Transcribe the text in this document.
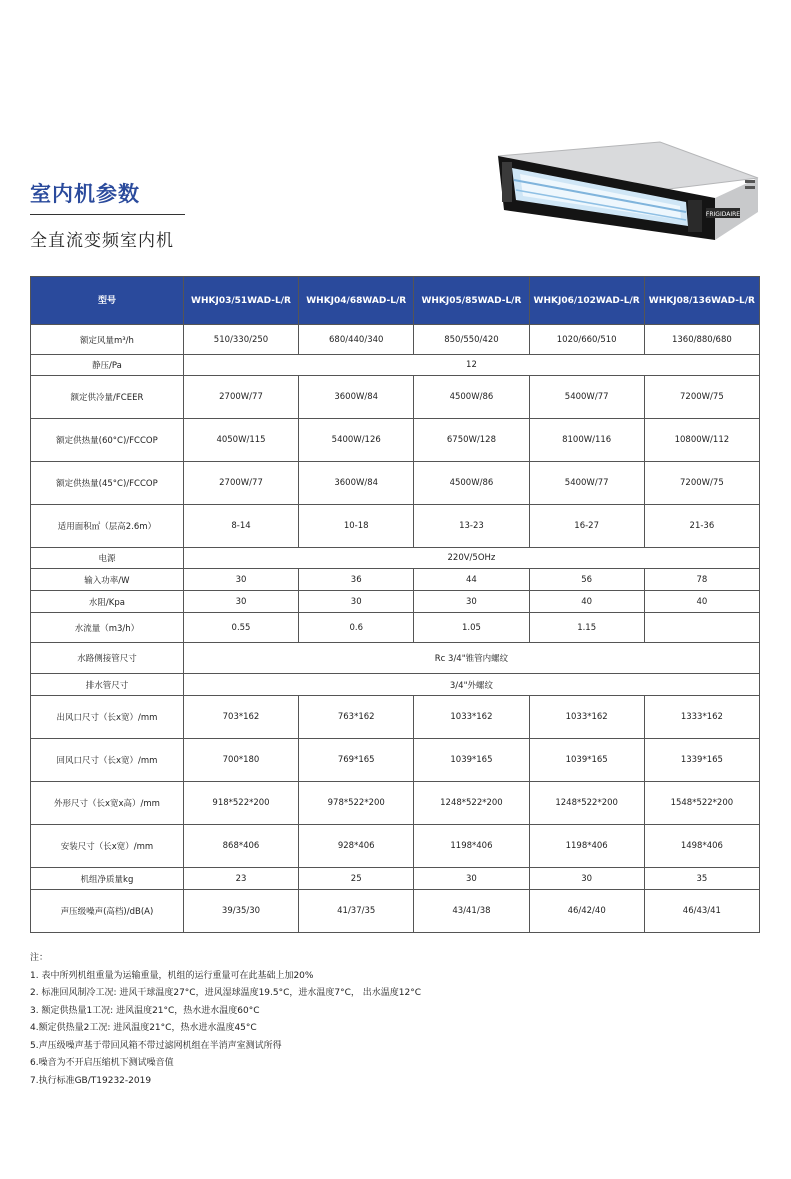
室内机参数
全直流变频室内机
FRIGIDAIRE
型号	WHKJ03/51WAD-L/R	WHKJ04/68WAD-L/R	WHKJ05/85WAD-L/R	WHKJ06/102WAD-L/R	WHKJ08/136WAD-L/R
额定风量m³/h	510/330/250	680/440/340	850/550/420	1020/660/510	1360/880/680
静压/Pa	12				
额定供冷量/FCEER	2700W/77	3600W/84	4500W/86	5400W/77	7200W/75
额定供热量(60°C)/FCCOP	4050W/115	5400W/126	6750W/128	8100W/116	10800W/112
额定供热量(45°C)/FCCOP	2700W/77	3600W/84	4500W/86	5400W/77	7200W/75
适用面积㎡（层高2.6m）	8-14	10-18	13-23	16-27	21-36
电源	220V/5OHz				
输入功率/W	30	36	44	56	78
水阻/Kpa	30	30	30	40	40
水流量（m3/h）	0.55	0.6	1.05	1.15	
水路侧接管尺寸	Rc 3/4"锥管内螺纹				
排水管尺寸	3/4"外螺纹				
出风口尺寸（长x宽）/mm	703*162	763*162	1033*162	1033*162	1333*162
回风口尺寸（长x宽）/mm	700*180	769*165	1039*165	1039*165	1339*165
外形尺寸（长x宽x高）/mm	918*522*200	978*522*200	1248*522*200	1248*522*200	1548*522*200
安装尺寸（长x宽）/mm	868*406	928*406	1198*406	1198*406	1498*406
机组净质量kg	23	25	30	30	35
声压级噪声(高档)/dB(A)	39/35/30	41/37/35	43/41/38	46/42/40	46/43/41
注：
1. 表中所列机组重量为运输重量，机组的运行重量可在此基础上加20%
2. 标准回风制冷工况: 进风干球温度27°C，进风湿球温度19.5°C，进水温度7°C， 出水温度12°C
3. 额定供热量1工况: 进风温度21°C，热水进水温度60°C
4.额定供热量2工况: 进风温度21°C，热水进水温度45°C
5.声压级噪声基于带回风箱不带过滤网机组在半消声室测试所得
6.噪音为不开启压缩机下测试噪音值
7.执行标准GB/T19232-2019
